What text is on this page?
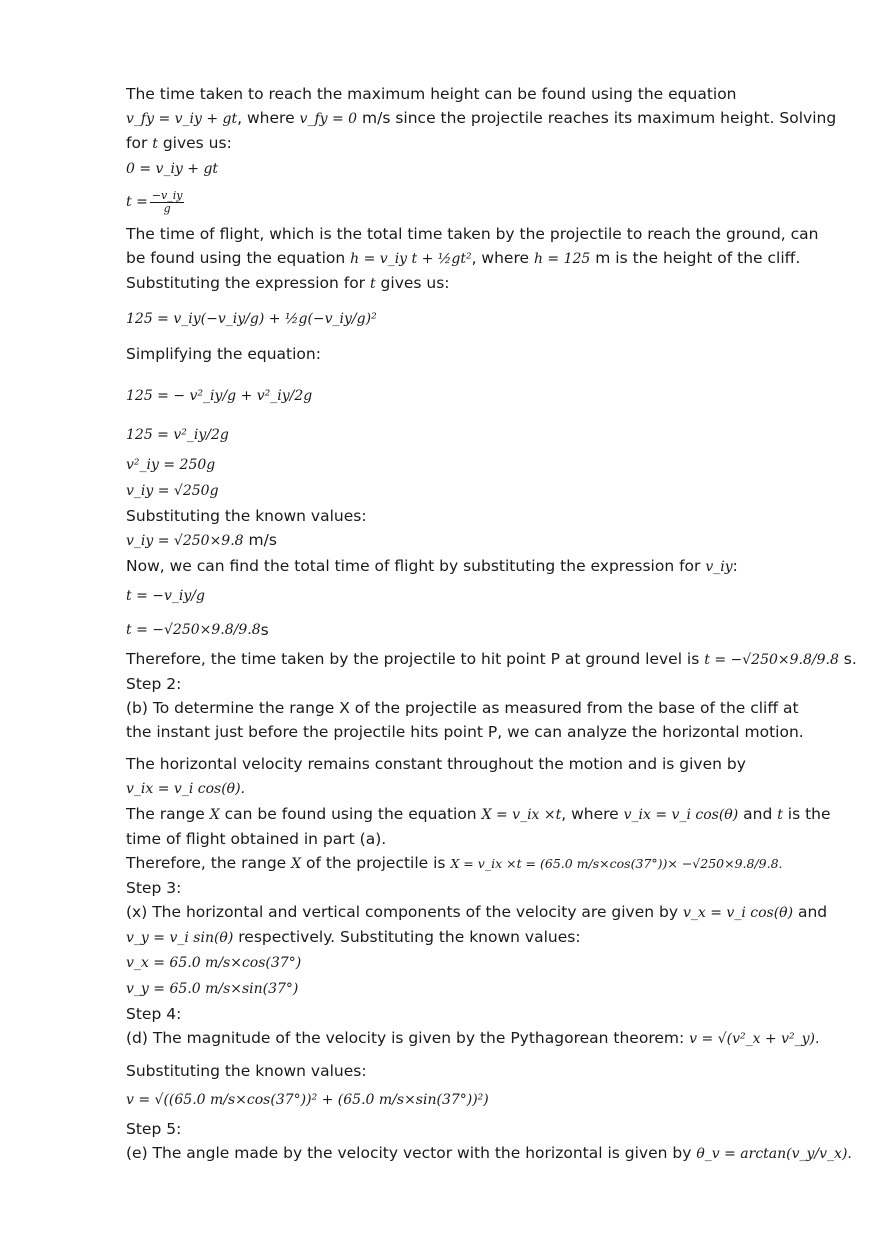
The time taken to reach the maximum height can be found using the equation
v_fy = v_iy + gt, where v_fy = 0 m/s since the projectile reaches its maximum height. Solving
for t gives us:
0 = v_iy + gt
$t = \frac{-v\_iy}{g}$
The time of flight, which is the total time taken by the projectile to reach the ground, can
be found using the equation h = v_iy t + ½gt², where h = 125 m is the height of the cliff.
Substituting the expression for t gives us:
125 = v_iy(−v_iy/g) + ½g(−v_iy/g)²
Simplifying the equation:
125 = − v²_iy/g + v²_iy/2g
125 = v²_iy/2g
v²_iy = 250g
v_iy = √250g
Substituting the known values:
v_iy = √250×9.8 m/s
Now, we can find the total time of flight by substituting the expression for v_iy:
t = −v_iy/g
t = −√250×9.8/9.8 s
Therefore, the time taken by the projectile to hit point P at ground level is t = −√250×9.8/9.8 s.
Step 2:
(b) To determine the range X of the projectile as measured from the base of the cliff at
the instant just before the projectile hits point P, we can analyze the horizontal motion.
The horizontal velocity remains constant throughout the motion and is given by
v_ix = v_i cos(θ).
The range X can be found using the equation X = v_ix ×t, where v_ix = v_i cos(θ) and t is the
time of flight obtained in part (a).
Therefore, the range X of the projectile is X = v_ix ×t = (65.0 m/s×cos(37°))× −√250×9.8/9.8.
Step 3:
(x) The horizontal and vertical components of the velocity are given by v_x = v_i cos(θ) and
v_y = v_i sin(θ) respectively. Substituting the known values:
v_x = 65.0 m/s×cos(37°)
v_y = 65.0 m/s×sin(37°)
Step 4:
(d) The magnitude of the velocity is given by the Pythagorean theorem: v = √(v²_x + v²_y).
Substituting the known values:
v = √((65.0 m/s×cos(37°))² + (65.0 m/s×sin(37°))²)
Step 5:
(e) The angle made by the velocity vector with the horizontal is given by θ_v = arctan(v_y/v_x).
